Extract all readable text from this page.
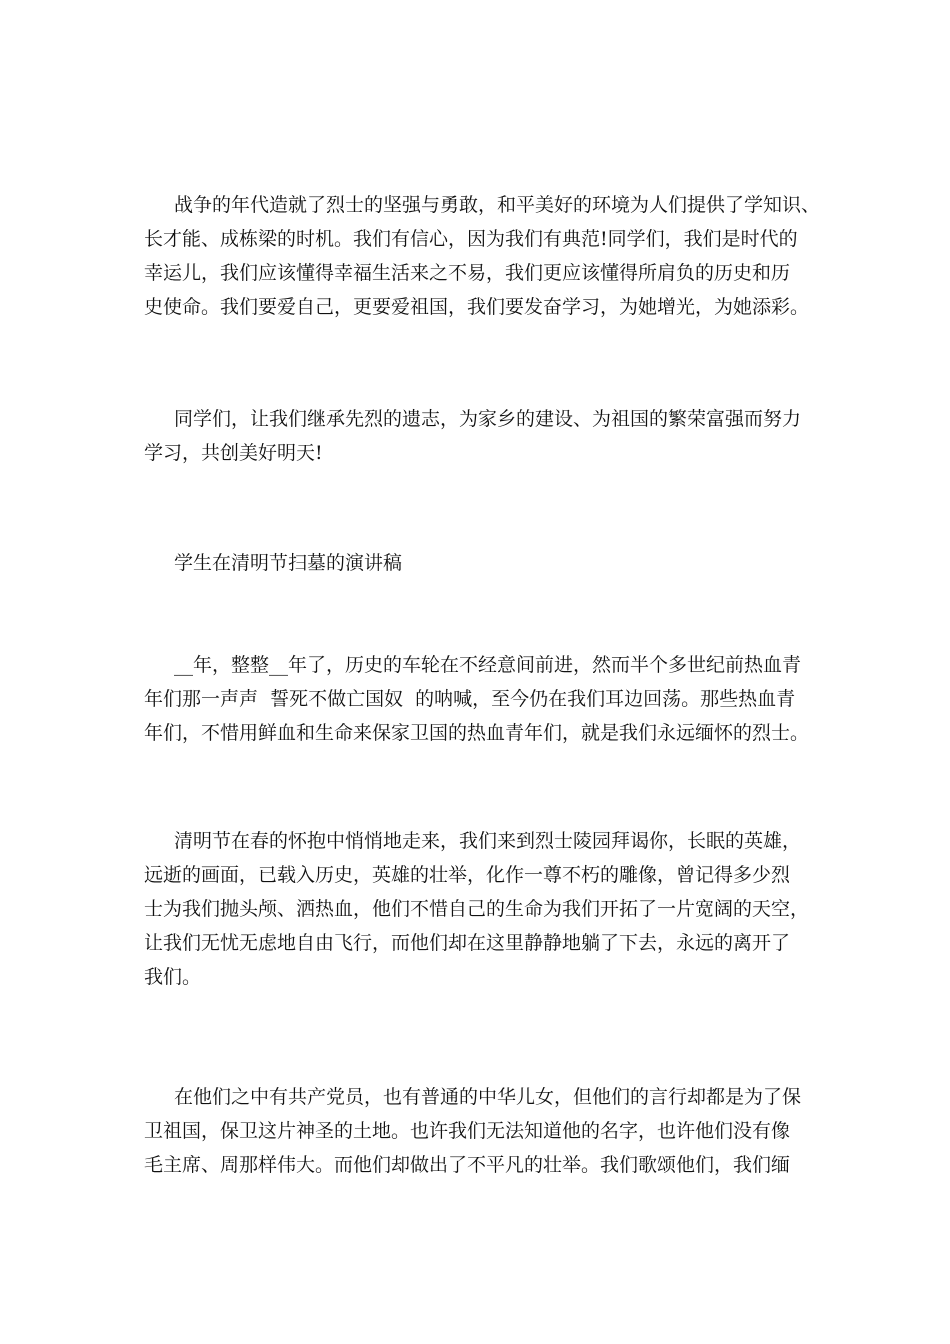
战争的年代造就了烈士的坚强与勇敢，和平美好的环境为人们提供了学知识、
长才能、成栋梁的时机。我们有信心，因为我们有典范!同学们，我们是时代的
幸运儿，我们应该懂得幸福生活来之不易，我们更应该懂得所肩负的历史和历
史使命。我们要爱自己，更要爱祖国，我们要发奋学习，为她增光，为她添彩。

同学们，让我们继承先烈的遗志，为家乡的建设、为祖国的繁荣富强而努力
学习，共创美好明天!

学生在清明节扫墓的演讲稿

__年，整整__年了，历史的车轮在不经意间前进，然而半个多世纪前热血青
年们那一声声  誓死不做亡国奴  的呐喊，至今仍在我们耳边回荡。那些热血青
年们，不惜用鲜血和生命来保家卫国的热血青年们，就是我们永远缅怀的烈士。

清明节在春的怀抱中悄悄地走来，我们来到烈士陵园拜谒你，长眠的英雄，
远逝的画面，已载入历史，英雄的壮举，化作一尊不朽的雕像，曾记得多少烈
士为我们抛头颅、洒热血，他们不惜自己的生命为我们开拓了一片宽阔的天空，
让我们无忧无虑地自由飞行，而他们却在这里静静地躺了下去，永远的离开了
我们。

在他们之中有共产党员，也有普通的中华儿女，但他们的言行却都是为了保
卫祖国，保卫这片神圣的土地。也许我们无法知道他的名字，也许他们没有像
毛主席、周那样伟大。而他们却做出了不平凡的壮举。我们歌颂他们，我们缅
